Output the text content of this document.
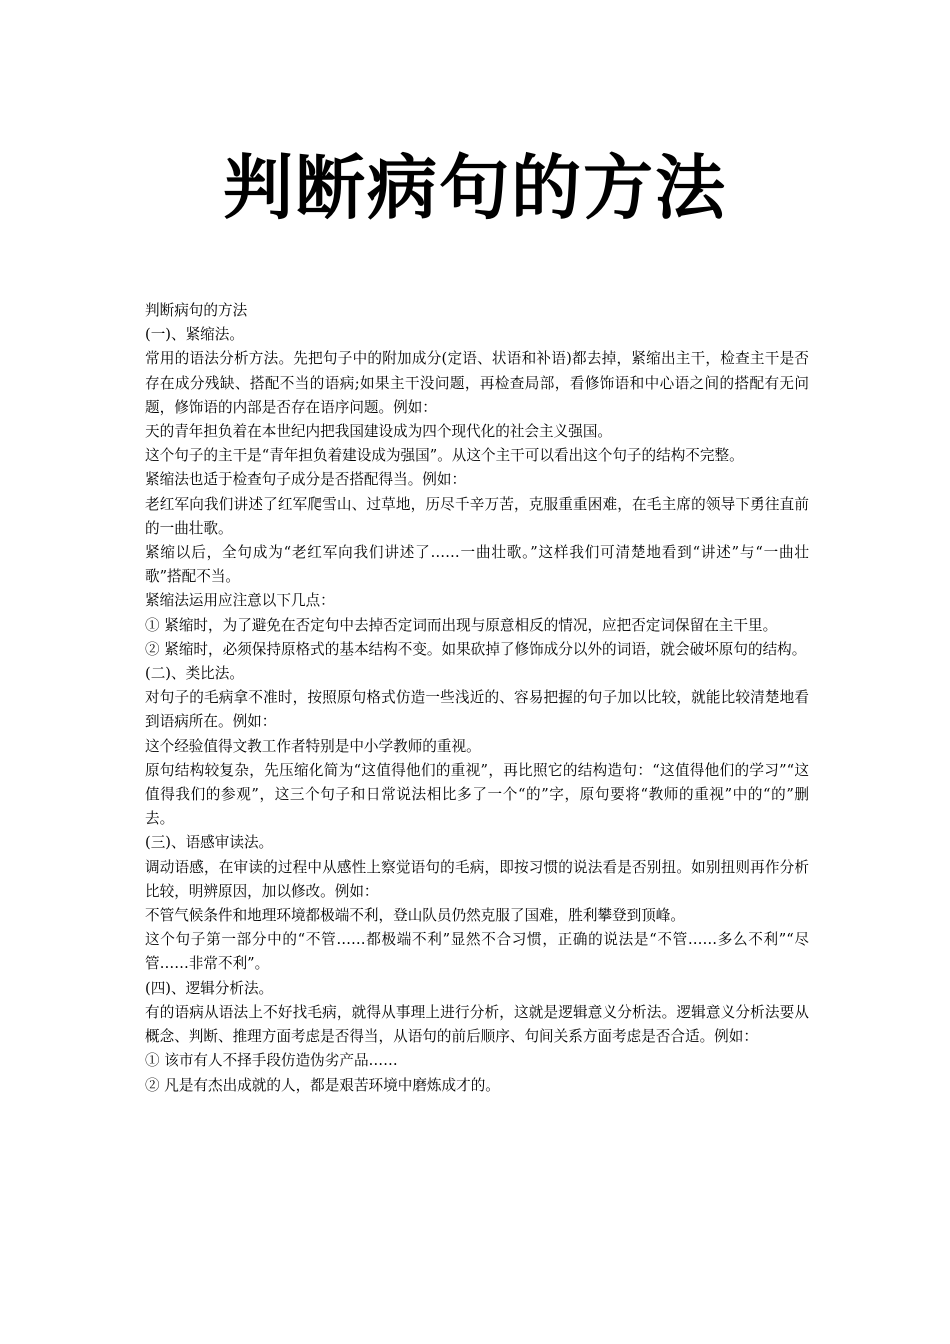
判断病句的方法

判断病句的方法

(一)、紧缩法。

常用的语法分析方法。先把句子中的附加成分(定语、状语和补语)都去掉，紧缩出主干，检查主干是否存在成分残缺、搭配不当的语病;如果主干没问题，再检查局部，看修饰语和中心语之间的搭配有无问题，修饰语的内部是否存在语序问题。例如：

天的青年担负着在本世纪内把我国建设成为四个现代化的社会主义强国。

这个句子的主干是“青年担负着建设成为强国”。从这个主干可以看出这个句子的结构不完整。

紧缩法也适于检查句子成分是否搭配得当。例如：

老红军向我们讲述了红军爬雪山、过草地，历尽千辛万苦，克服重重困难，在毛主席的领导下勇往直前的一曲壮歌。

紧缩以后，全句成为“老红军向我们讲述了……一曲壮歌。”这样我们可清楚地看到“讲述”与“一曲壮歌”搭配不当。

紧缩法运用应注意以下几点：

① 紧缩时，为了避免在否定句中去掉否定词而出现与原意相反的情况，应把否定词保留在主干里。

② 紧缩时，必须保持原格式的基本结构不变。如果砍掉了修饰成分以外的词语，就会破坏原句的结构。

(二)、类比法。

对句子的毛病拿不准时，按照原句格式仿造一些浅近的、容易把握的句子加以比较，就能比较清楚地看到语病所在。例如：

这个经验值得文教工作者特别是中小学教师的重视。

原句结构较复杂，先压缩化简为“这值得他们的重视”，再比照它的结构造句：“这值得他们的学习”“这值得我们的参观”，这三个句子和日常说法相比多了一个“的”字，原句要将“教师的重视”中的“的”删去。

(三)、语感审读法。

调动语感，在审读的过程中从感性上察觉语句的毛病，即按习惯的说法看是否别扭。如别扭则再作分析比较，明辨原因，加以修改。例如：

不管气候条件和地理环境都极端不利，登山队员仍然克服了国难，胜利攀登到顶峰。

这个句子第一部分中的“不管……都极端不利”显然不合习惯，正确的说法是“不管……多么不利”“尽管……非常不利”。

(四)、逻辑分析法。

有的语病从语法上不好找毛病，就得从事理上进行分析，这就是逻辑意义分析法。逻辑意义分析法要从概念、判断、推理方面考虑是否得当，从语句的前后顺序、句间关系方面考虑是否合适。例如：

① 该市有人不择手段仿造伪劣产品……

② 凡是有杰出成就的人，都是艰苦环境中磨炼成才的。
